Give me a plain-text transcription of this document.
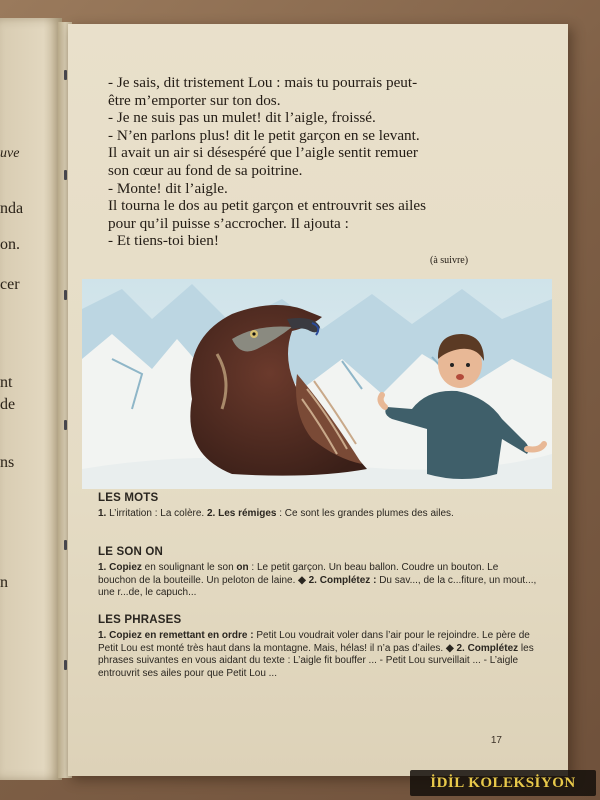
uve
nda
on.
cer
nt
de
ns
n

- Je sais, dit tristement Lou : mais tu pourrais peut-

être m’emporter sur ton dos.

- Je ne suis pas un mulet! dit l’aigle, froissé.

- N’en parlons plus! dit le petit garçon en se levant.

Il avait un air si désespéré que l’aigle sentit remuer

son cœur au fond de sa poitrine.

- Monte! dit l’aigle.

Il tourna le dos au petit garçon et entrouvrit ses ailes

pour qu’il puisse s’accrocher. Il ajouta :

- Et tiens-toi bien!

(à suivre)
LES MOTS
1. L’irritation : La colère. 2. Les rémiges : Ce sont les grandes plumes des ailes.
LE SON ON
1. Copiez en soulignant le son on : Le petit garçon. Un beau ballon. Coudre un bouton. Le bouchon de la bouteille. Un peloton de laine. ◆ 2. Complétez : Du sav..., de la c...fiture, un mout..., une r...de, le capuch...
LES PHRASES
1. Copiez en remettant en ordre : Petit Lou voudrait voler dans l’air pour le rejoindre. Le père de Petit Lou est monté très haut dans la montagne. Mais, hélas! il n’a pas d’ailes. ◆ 2. Complétez les phrases suivantes en vous aidant du texte : L’aigle fit bouffer ... - Petit Lou surveillait ... - L’aigle entrouvrit ses ailes pour que Petit Lou ...
17
İDİL KOLEKSİYON
